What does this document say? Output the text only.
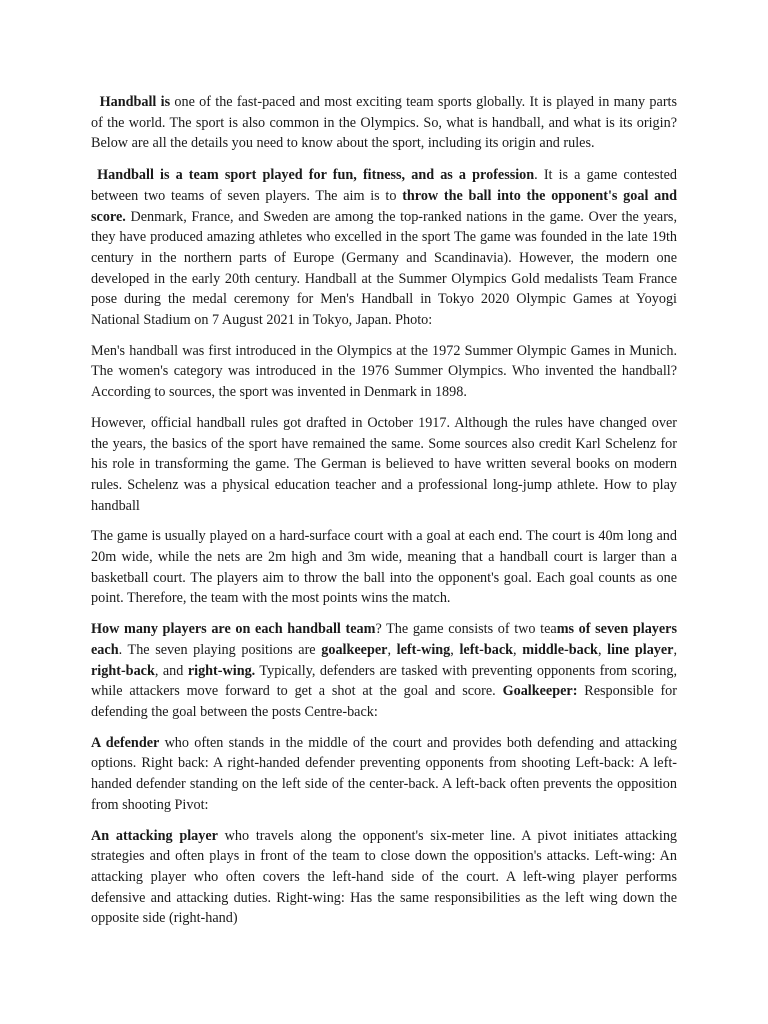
Handball is one of the fast-paced and most exciting team sports globally. It is played in many parts of the world. The sport is also common in the Olympics. So, what is handball, and what is its origin? Below are all the details you need to know about the sport, including its origin and rules.

Handball is a team sport played for fun, fitness, and as a profession. It is a game contested between two teams of seven players. The aim is to throw the ball into the opponent's goal and score. Denmark, France, and Sweden are among the top-ranked nations in the game. Over the years, they have produced amazing athletes who excelled in the sport The game was founded in the late 19th century in the northern parts of Europe (Germany and Scandinavia). However, the modern one developed in the early 20th century. Handball at the Summer Olympics Gold medalists Team France pose during the medal ceremony for Men's Handball in Tokyo 2020 Olympic Games at Yoyogi National Stadium on 7 August 2021 in Tokyo, Japan. Photo:

Men's handball was first introduced in the Olympics at the 1972 Summer Olympic Games in Munich. The women's category was introduced in the 1976 Summer Olympics. Who invented the handball? According to sources, the sport was invented in Denmark in 1898.

However, official handball rules got drafted in October 1917. Although the rules have changed over the years, the basics of the sport have remained the same. Some sources also credit Karl Schelenz for his role in transforming the game. The German is believed to have written several books on modern rules. Schelenz was a physical education teacher and a professional long-jump athlete. How to play handball

The game is usually played on a hard-surface court with a goal at each end. The court is 40m long and 20m wide, while the nets are 2m high and 3m wide, meaning that a handball court is larger than a basketball court. The players aim to throw the ball into the opponent's goal. Each goal counts as one point. Therefore, the team with the most points wins the match.

How many players are on each handball team? The game consists of two teams of seven players each. The seven playing positions are goalkeeper, left-wing, left-back, middle-back, line player, right-back, and right-wing. Typically, defenders are tasked with preventing opponents from scoring, while attackers move forward to get a shot at the goal and score. Goalkeeper: Responsible for defending the goal between the posts Centre-back:

A defender who often stands in the middle of the court and provides both defending and attacking options. Right back: A right-handed defender preventing opponents from shooting Left-back: A left-handed defender standing on the left side of the center-back. A left-back often prevents the opposition from shooting Pivot:

An attacking player who travels along the opponent's six-meter line. A pivot initiates attacking strategies and often plays in front of the team to close down the opposition's attacks. Left-wing: An attacking player who often covers the left-hand side of the court. A left-wing player performs defensive and attacking duties. Right-wing: Has the same responsibilities as the left wing down the opposite side (right-hand)
